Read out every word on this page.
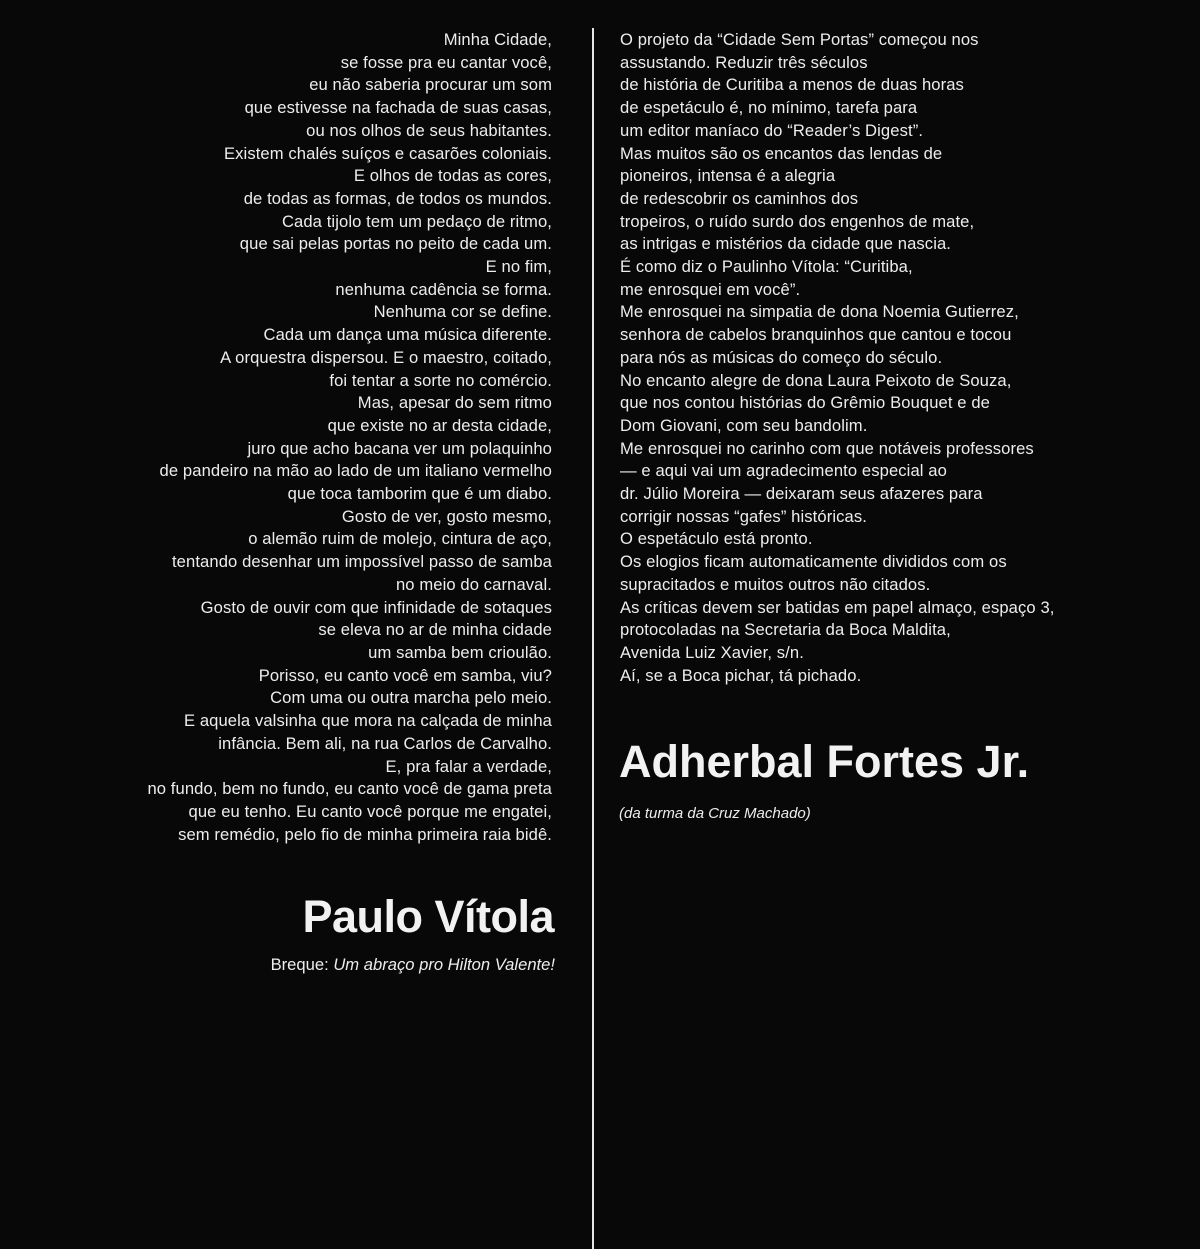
Minha Cidade,
se fosse pra eu cantar você,
eu não saberia procurar um som
que estivesse na fachada de suas casas,
ou nos olhos de seus habitantes.
Existem chalés suíços e casarões coloniais.
E olhos de todas as cores,
de todas as formas, de todos os mundos.
Cada tijolo tem um pedaço de ritmo,
que sai pelas portas no peito de cada um.
E no fim,
nenhuma cadência se forma.
Nenhuma cor se define.
Cada um dança uma música diferente.
A orquestra dispersou. E o maestro, coitado,
foi tentar a sorte no comércio.
Mas, apesar do sem ritmo
que existe no ar desta cidade,
juro que acho bacana ver um polaquinho
de pandeiro na mão ao lado de um italiano vermelho
que toca tamborim que é um diabo.
Gosto de ver, gosto mesmo,
o alemão ruim de molejo, cintura de aço,
tentando desenhar um impossível passo de samba
no meio do carnaval.
Gosto de ouvir com que infinidade de sotaques
se eleva no ar de minha cidade
um samba bem crioulão.
Porisso, eu canto você em samba, viu?
Com uma ou outra marcha pelo meio.
E aquela valsinha que mora na calçada de minha
infância. Bem ali, na rua Carlos de Carvalho.
E, pra falar a verdade,
no fundo, bem no fundo, eu canto você de gama preta
que eu tenho. Eu canto você porque me engatei,
sem remédio, pelo fio de minha primeira raia bidê.
Paulo Vítola
Breque: Um abraço pro Hilton Valente!
O projeto da “Cidade Sem Portas” começou nos
assustando. Reduzir três séculos
de história de Curitiba a menos de duas horas
de espetáculo é, no mínimo, tarefa para
um editor maníaco do “Reader’s Digest”.
Mas muitos são os encantos das lendas de
pioneiros, intensa é a alegria
de redescobrir os caminhos dos
tropeiros, o ruído surdo dos engenhos de mate,
as intrigas e mistérios da cidade que nascia.
É como diz o Paulinho Vítola: “Curitiba,
me enrosquei em você”.
Me enrosquei na simpatia de dona Noemia Gutierrez,
senhora de cabelos branquinhos que cantou e tocou
para nós as músicas do começo do século.
No encanto alegre de dona Laura Peixoto de Souza,
que nos contou histórias do Grêmio Bouquet e de
Dom Giovani, com seu bandolim.
Me enrosquei no carinho com que notáveis professores
— e aqui vai um agradecimento especial ao
dr. Júlio Moreira — deixaram seus afazeres para
corrigir nossas “gafes” históricas.
O espetáculo está pronto.
Os elogios ficam automaticamente divididos com os
supracitados e muitos outros não citados.
As críticas devem ser batidas em papel almaço, espaço 3,
protocoladas na Secretaria da Boca Maldita,
Avenida Luiz Xavier, s/n.
Aí, se a Boca pichar, tá pichado.
Adherbal Fortes Jr.
(da turma da Cruz Machado)
